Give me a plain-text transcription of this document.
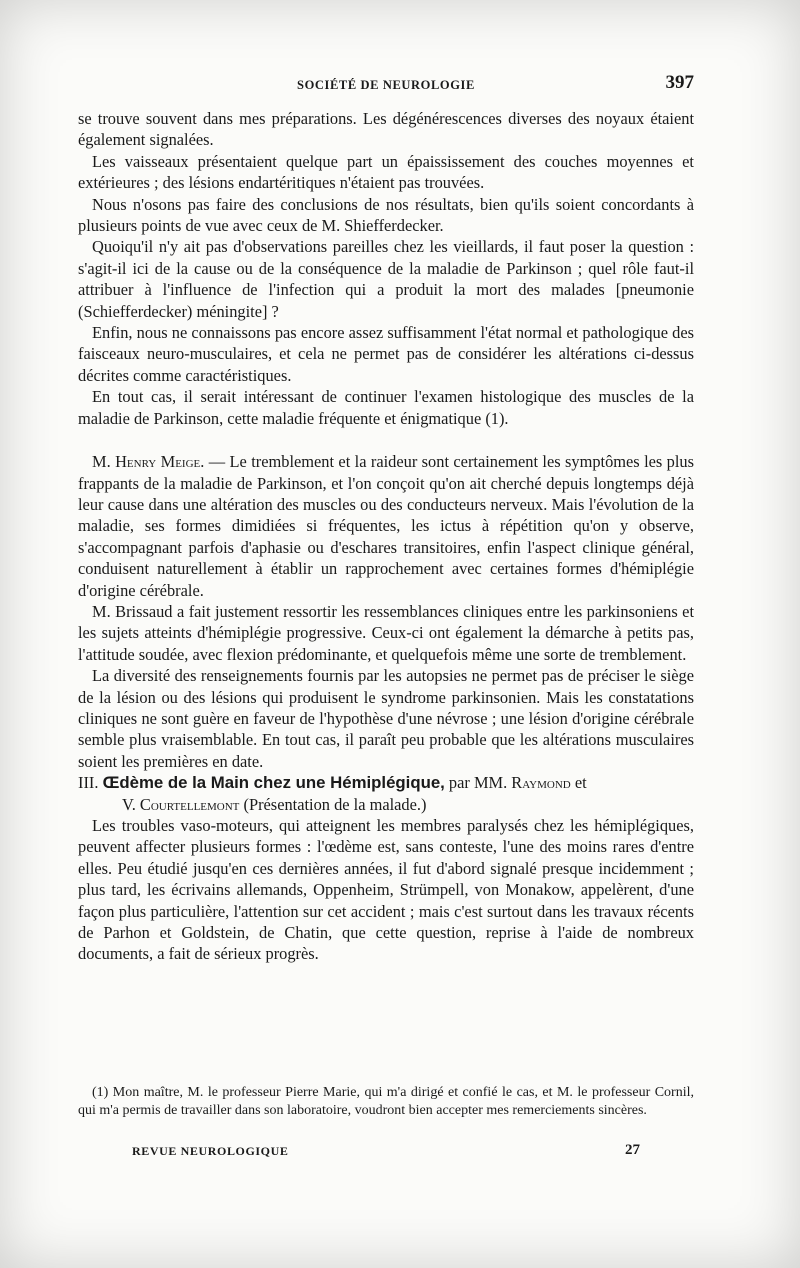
SOCIÉTÉ DE NEUROLOGIE	397

se trouve souvent dans mes préparations. Les dégénérescences diverses des noyaux étaient également signalées.

Les vaisseaux présentaient quelque part un épaississement des couches moyennes et extérieures ; des lésions endartéritiques n'étaient pas trouvées.

Nous n'osons pas faire des conclusions de nos résultats, bien qu'ils soient concordants à plusieurs points de vue avec ceux de M. Shiefferdecker.

Quoiqu'il n'y ait pas d'observations pareilles chez les vieillards, il faut poser la question : s'agit-il ici de la cause ou de la conséquence de la maladie de Parkinson ; quel rôle faut-il attribuer à l'influence de l'infection qui a produit la mort des malades [pneumonie (Schiefferdecker) méningite] ?

Enfin, nous ne connaissons pas encore assez suffisamment l'état normal et pathologique des faisceaux neuro-musculaires, et cela ne permet pas de considérer les altérations ci-dessus décrites comme caractéristiques.

En tout cas, il serait intéressant de continuer l'examen histologique des muscles de la maladie de Parkinson, cette maladie fréquente et énigmatique (1).

M. Henry Meige. — Le tremblement et la raideur sont certainement les symptômes les plus frappants de la maladie de Parkinson, et l'on conçoit qu'on ait cherché depuis longtemps déjà leur cause dans une altération des muscles ou des conducteurs nerveux. Mais l'évolution de la maladie, ses formes dimidiées si fréquentes, les ictus à répétition qu'on y observe, s'accompagnant parfois d'aphasie ou d'eschares transitoires, enfin l'aspect clinique général, conduisent naturellement à établir un rapprochement avec certaines formes d'hémiplégie d'origine cérébrale.

M. Brissaud a fait justement ressortir les ressemblances cliniques entre les parkinsoniens et les sujets atteints d'hémiplégie progressive. Ceux-ci ont également la démarche à petits pas, l'attitude soudée, avec flexion prédominante, et quelquefois même une sorte de tremblement.

La diversité des renseignements fournis par les autopsies ne permet pas de préciser le siège de la lésion ou des lésions qui produisent le syndrome parkinsonien. Mais les constatations cliniques ne sont guère en faveur de l'hypothèse d'une névrose ; une lésion d'origine cérébrale semble plus vraisemblable. En tout cas, il paraît peu probable que les altérations musculaires soient les premières en date.

III. Œdème de la Main chez une Hémiplégique, par MM. Raymond et
V. Courtellemont (Présentation de la malade.)

Les troubles vaso-moteurs, qui atteignent les membres paralysés chez les hémiplégiques, peuvent affecter plusieurs formes : l'œdème est, sans conteste, l'une des moins rares d'entre elles. Peu étudié jusqu'en ces dernières années, il fut d'abord signalé presque incidemment ; plus tard, les écrivains allemands, Oppenheim, Strümpell, von Monakow, appelèrent, d'une façon plus particulière, l'attention sur cet accident ; mais c'est surtout dans les travaux récents de Parhon et Goldstein, de Chatin, que cette question, reprise à l'aide de nombreux documents, a fait de sérieux progrès.

(1) Mon maître, M. le professeur Pierre Marie, qui m'a dirigé et confié le cas, et M. le professeur Cornil, qui m'a permis de travailler dans son laboratoire, voudront bien accepter mes remerciements sincères.

REVUE NEUROLOGIQUE	27
